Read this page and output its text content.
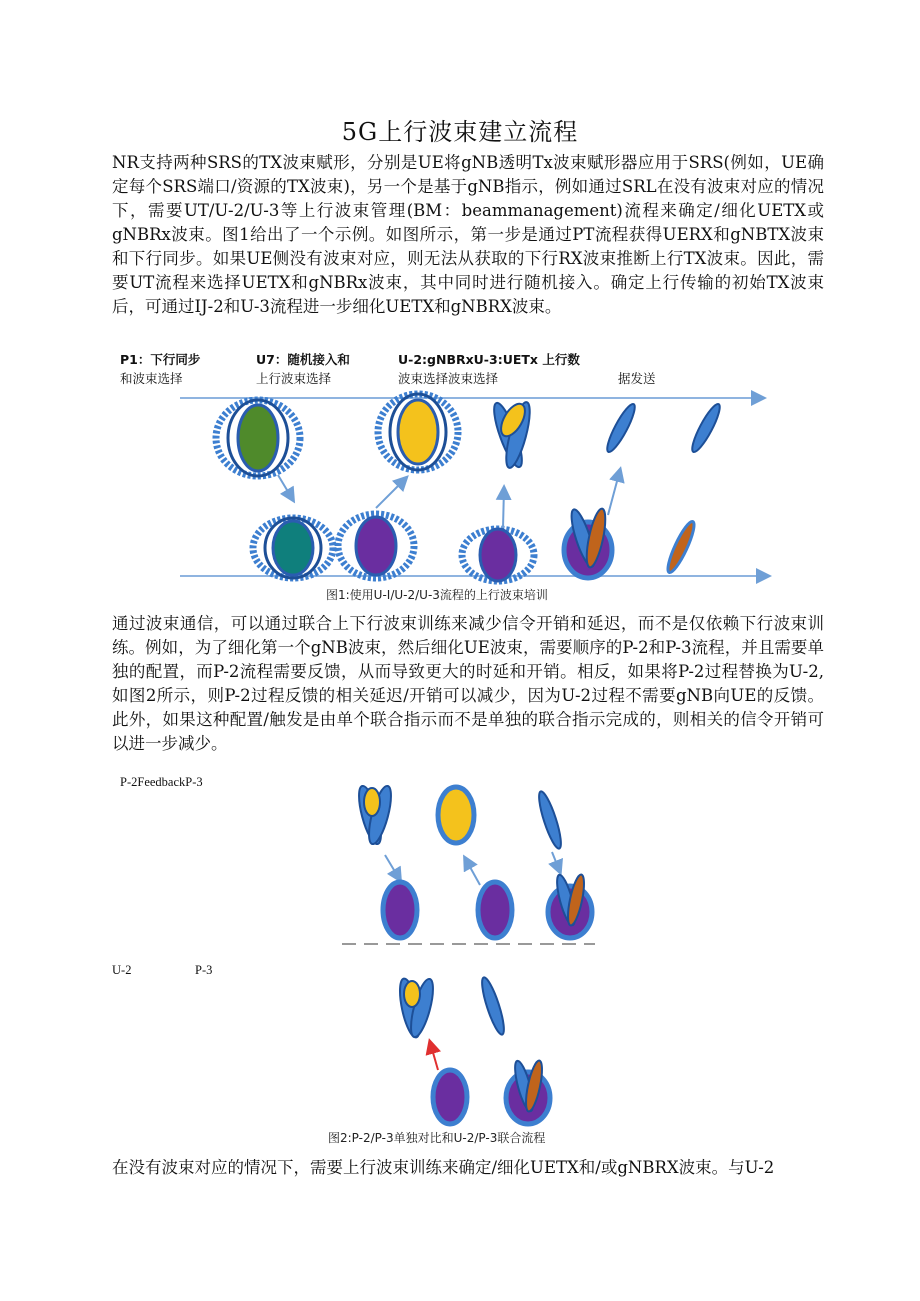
5G上行波束建立流程

NR支持两种SRS的TX波束赋形，分别是UE将gNB透明Tx波束赋形器应用于SRS(例如，UE确定每个SRS端口/资源的TX波束)，另一个是基于gNB指示，例如通过SRL在没有波束对应的情况下，需要UT/U-2/U-3等上行波束管理(BM：beammanagement)流程来确定/细化UETX或gNBRx波束。图1给出了一个示例。如图所示，第一步是通过PT流程获得UERX和gNBTX波束和下行同步。如果UE侧没有波束对应，则无法从获取的下行RX波束推断上行TX波束。因此，需要UT流程来选择UETX和gNBRx波束，其中同时进行随机接入。确定上行传输的初始TX波束后，可通过IJ-2和U-3流程进一步细化UETX和gNBRX波束。

P1：下行同步
和波束选择
U7：随机接入和
上行波束选择
U-2:gNBRxU-3:UETx 上行数
波束选择波束选择	据发送
图1:使用U-I/U-2/U-3流程的上行波束培训

通过波束通信，可以通过联合上下行波束训练来减少信令开销和延迟，而不是仅依赖下行波束训练。例如，为了细化第一个gNB波束，然后细化UE波束，需要顺序的P-2和P-3流程，并且需要单独的配置，而P-2流程需要反馈，从而导致更大的时延和开销。相反，如果将P-2过程替换为U-2,如图2所示，则P-2过程反馈的相关延迟/开销可以减少，因为U-2过程不需要gNB向UE的反馈。此外，如果这种配置/触发是由单个联合指示而不是单独的联合指示完成的，则相关的信令开销可以进一步减少。

P-2FeedbackP-3
U-2	P-3
图2:P-2/P-3单独对比和U-2/P-3联合流程

在没有波束对应的情况下，需要上行波束训练来确定/细化UETX和/或gNBRX波束。与U-2
